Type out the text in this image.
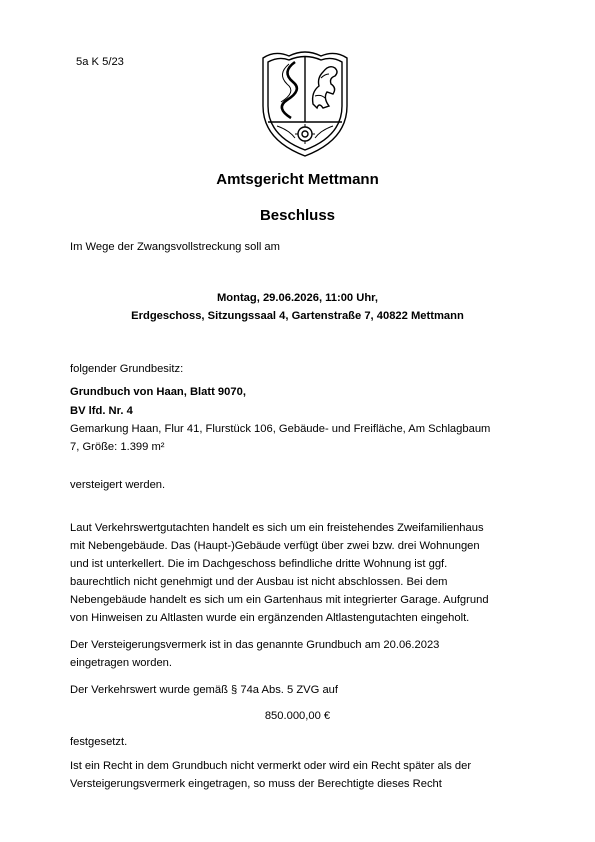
5a K 5/23
Amtsgericht Mettmann
Beschluss
Im Wege der Zwangsvollstreckung soll am
Montag, 29.06.2026, 11:00 Uhr,
Erdgeschoss, Sitzungssaal 4, Gartenstraße 7, 40822 Mettmann
folgender Grundbesitz:
Grundbuch von Haan, Blatt 9070,
BV lfd. Nr. 4
Gemarkung Haan, Flur 41, Flurstück 106, Gebäude- und Freifläche, Am Schlagbaum
7, Größe: 1.399 m²
versteigert werden.
Laut Verkehrswertgutachten handelt es sich um ein freistehendes Zweifamilienhaus
mit Nebengebäude. Das (Haupt-)Gebäude verfügt über zwei bzw. drei Wohnungen
und ist unterkellert. Die im Dachgeschoss befindliche dritte Wohnung ist ggf.
baurechtlich nicht genehmigt und der Ausbau ist nicht abschlossen. Bei dem
Nebengebäude handelt es sich um ein Gartenhaus mit integrierter Garage. Aufgrund
von Hinweisen zu Altlasten wurde ein ergänzenden Altlastengutachten eingeholt.
Der Versteigerungsvermerk ist in das genannte Grundbuch am 20.06.2023
eingetragen worden.
Der Verkehrswert wurde gemäß § 74a Abs. 5 ZVG auf
850.000,00 €
festgesetzt.
Ist ein Recht in dem Grundbuch nicht vermerkt oder wird ein Recht später als der
Versteigerungsvermerk eingetragen, so muss der Berechtigte dieses Recht
